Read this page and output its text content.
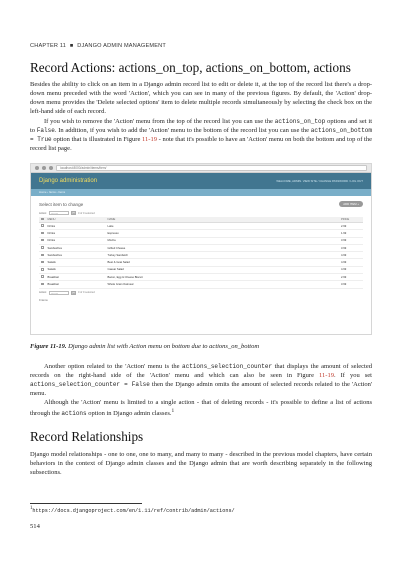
CHAPTER 11 ■ DJANGO ADMIN MANAGEMENT
Record Actions: actions_on_top, actions_on_bottom, actions

Besides the ability to click on an item in a Django admin record list to edit or delete it, at the top of the record list there's a drop-down menu preceded with the word 'Action', which you can see in many of the previous figures. By default, the 'Action' drop-down menu provides the 'Delete selected options' item to delete multiple records simultaneously by selecting the check box on the left-hand side of each record.

If you wish to remove the 'Action' menu from the top of the record list you can use the actions_on_top options and set it to False. In addition, if you wish to add the 'Action' menu to the bottom of the record list you can use the actions_on_bottom = True option that is illustrated in Figure 11-19 - note that it's possible to have an 'Action' menu on both the bottom and top of the record list page.

localhost:8000/admin/items/item/
Django administration	WELCOME, ADMIN. VIEW SITE / CHANGE PASSWORD / LOG OUT
Home › Items › Items
Select item to change	ADD ITEM +
Action:	---------	Go	0 of 9 selected
	MENU	NAME	PRICE
	Drinks	Latte	2.99
	Drinks	Espresso	1.99
	Drinks	Mocha	3.99
	Sandwiches	Grilled Cheese	3.99
	Sandwiches	Turkey Sandwich	4.99
	Salads	Beet & Goat Salad	4.99
	Salads	Caesar Salad	4.99
	Breakfast	Bacon, Egg & Cheese Biscuit	2.99
	Breakfast	Whole Grain Oatmeal	3.99
Action:	---------	Go	0 of 9 selected
9 items

Figure 11-19. Django admin list with Action menu on bottom due to actions_on_bottom

Another option related to the 'Action' menu is the actions_selection_counter that displays the amount of selected records on the right-hand side of the 'Action' menu and which can also be seen in Figure 11-19. If you set actions_selection_counter = False then the Django admin omits the amount of selected records related to the 'Action' menu.

Although the 'Action' menu is limited to a single action - that of deleting records - it's possible to define a list of actions through the actions option in Django admin classes.$^1$

Record Relationships

Django model relationships - one to one, one to many, and many to many - described in the previous model chapters, have certain behaviors in the context of Django admin classes and the Django admin that are worth describing separately in the following subsections.

$^1$https://docs.djangoproject.com/en/1.11/ref/contrib/admin/actions/

514
